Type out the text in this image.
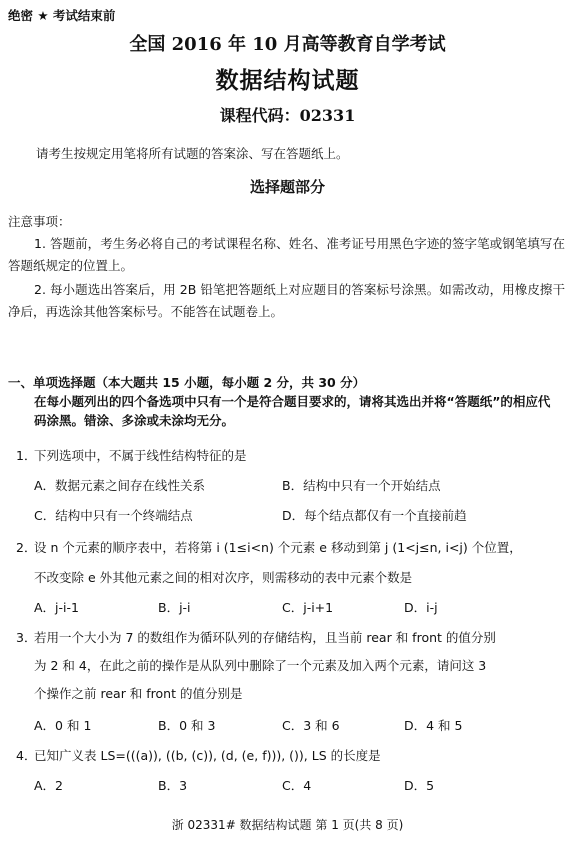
绝密 ★ 考试结束前
全国 2016 年 10 月高等教育自学考试
数据结构试题
课程代码：02331
请考生按规定用笔将所有试题的答案涂、写在答题纸上。
选择题部分
注意事项：
1. 答题前，考生务必将自己的考试课程名称、姓名、准考证号用黑色字迹的签字笔或钢笔填写在答题纸规定的位置上。
2. 每小题选出答案后，用 2B 铅笔把答题纸上对应题目的答案标号涂黑。如需改动，用橡皮擦干净后，再选涂其他答案标号。不能答在试题卷上。
一、单项选择题（本大题共 15 小题，每小题 2 分，共 30 分）
在每小题列出的四个备选项中只有一个是符合题目要求的，请将其选出并将“答题纸”的相应代码涂黑。错涂、多涂或未涂均无分。
1．
下列选项中，不属于线性结构特征的是
A．数据元素之间存在线性关系	B．结构中只有一个开始结点
C．结构中只有一个终端结点	D．每个结点都仅有一个直接前趋
2．
设 n 个元素的顺序表中，若将第 i (1≤i<n) 个元素 e 移动到第 j (1<j≤n, i<j) 个位置，
不改变除 e 外其他元素之间的相对次序，则需移动的表中元素个数是
A．j-i-1	B．j-i	C．j-i+1	D．i-j
3．
若用一个大小为 7 的数组作为循环队列的存储结构，且当前 rear 和 front 的值分别
为 2 和 4，在此之前的操作是从队列中删除了一个元素及加入两个元素，请问这 3
个操作之前 rear 和 front 的值分别是
A．0 和 1	B．0 和 3	C．3 和 6	D．4 和 5
4．
已知广义表 LS=(((a)), ((b, (c)), (d, (e, f))), ()), LS 的长度是
A．2	B．3	C．4	D．5
浙 02331# 数据结构试题 第 1 页(共 8 页)
